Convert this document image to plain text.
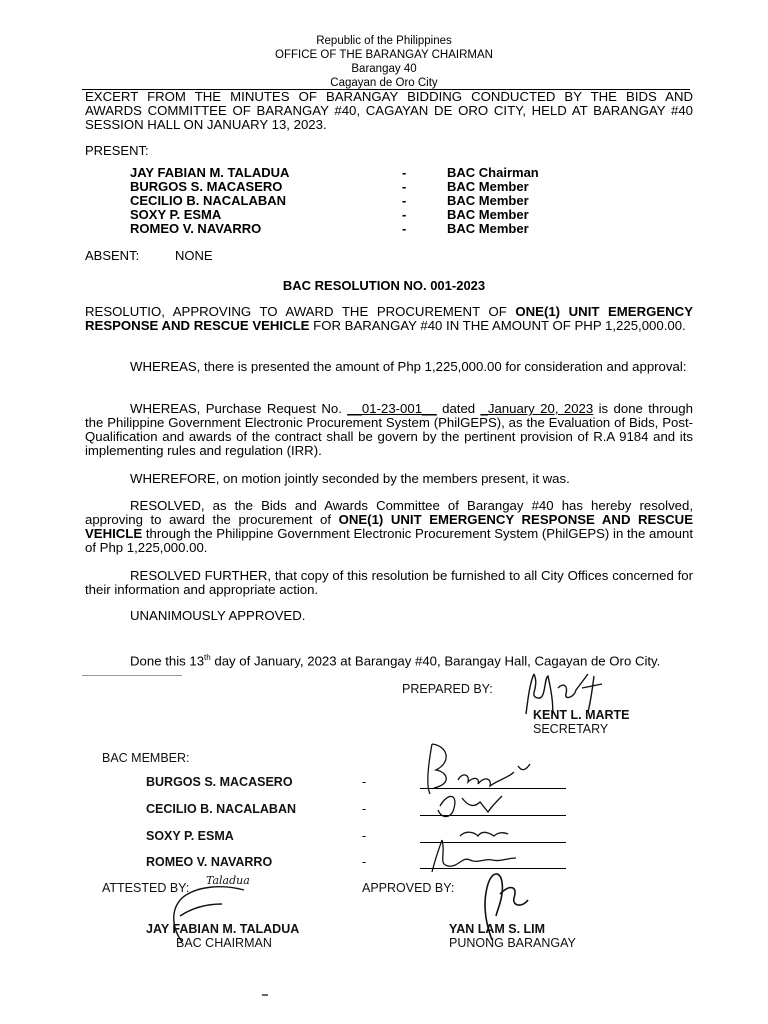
Republic of the Philippines
OFFICE OF THE BARANGAY CHAIRMAN
Barangay 40
Cagayan de Oro City
EXCERT FROM THE MINUTES OF BARANGAY BIDDING CONDUCTED BY THE BIDS AND AWARDS COMMITTEE OF BARANGAY #40, CAGAYAN DE ORO CITY, HELD AT BARANGAY #40 SESSION HALL ON JANUARY 13, 2023.
PRESENT:
JAY FABIAN M. TALADUA	-	BAC Chairman
BURGOS S. MACASERO	-	BAC Member
CECILIO B. NACALABAN	-	BAC Member
SOXY P. ESMA	-	BAC Member
ROMEO V. NAVARRO	-	BAC Member
ABSENT:	NONE
BAC RESOLUTION NO. 001-2023
RESOLUTIO, APPROVING TO AWARD THE PROCUREMENT OF ONE(1) UNIT EMERGENCY RESPONSE AND RESCUE VEHICLE FOR BARANGAY #40 IN THE AMOUNT OF PHP 1,225,000.00.
WHEREAS, there is presented the amount of Php 1,225,000.00 for consideration and approval:
WHEREAS, Purchase Request No. __01-23-001__ dated _January 20, 2023 is done through the Philippine Government Electronic Procurement System (PhilGEPS), as the Evaluation of Bids, Post-Qualification and awards of the contract shall be govern by the pertinent provision of R.A 9184 and its implementing rules and regulation (IRR).
WHEREFORE, on motion jointly seconded by the members present, it was.
RESOLVED, as the Bids and Awards Committee of Barangay #40 has hereby resolved, approving to award the procurement of ONE(1) UNIT EMERGENCY RESPONSE AND RESCUE VEHICLE through the Philippine Government Electronic Procurement System (PhilGEPS) in the amount of Php 1,225,000.00.
RESOLVED FURTHER, that copy of this resolution be furnished to all City Offices concerned for their information and appropriate action.
UNANIMOUSLY APPROVED.
Done this 13th day of January, 2023 at Barangay #40, Barangay Hall, Cagayan de Oro City.
PREPARED BY:
KENT L. MARTE
SECRETARY
BAC MEMBER:
BURGOS S. MACASERO	-
CECILIO B. NACALABAN	-
SOXY P. ESMA	-
ROMEO V. NAVARRO	-
ATTESTED BY:	APPROVED BY:
Taladua
JAY FABIAN M. TALADUA
BAC CHAIRMAN
YAN LAM S. LIM
PUNONG BARANGAY
